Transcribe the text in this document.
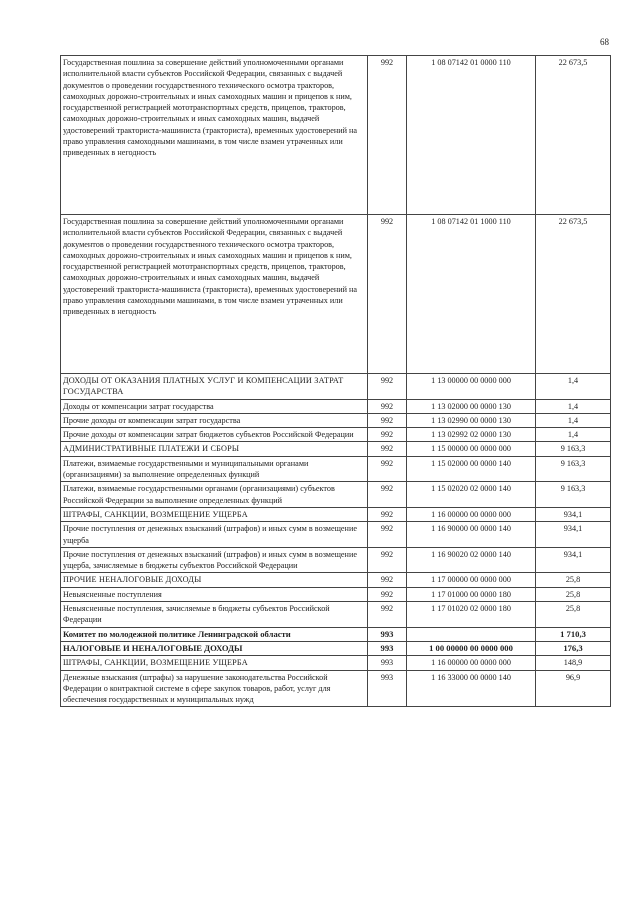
68
Государственная пошлина за совершение действий уполномоченными органами исполнительной власти субъектов Российской Федерации, связанных с выдачей документов о проведении государственного технического осмотра тракторов, самоходных дорожно-строительных и иных самоходных машин и прицепов к ним, государственной регистрацией мототранспортных средств, прицепов, тракторов, самоходных дорожно-строительных и иных самоходных машин, выдачей удостоверений тракториста-машиниста (тракториста), временных удостоверений на право управления самоходными машинами, в том числе взамен утраченных или приведенных в негодность	992	1 08 07142 01 0000 110	22 673,5
Государственная пошлина за совершение действий уполномоченными органами исполнительной власти субъектов Российской Федерации, связанных с выдачей документов о проведении государственного технического осмотра тракторов, самоходных дорожно-строительных и иных самоходных машин и прицепов к ним, государственной регистрацией мототранспортных средств, прицепов, тракторов, самоходных дорожно-строительных и иных самоходных машин, выдачей удостоверений тракториста-машиниста (тракториста), временных удостоверений на право управления самоходными машинами, в том числе взамен утраченных или приведенных в негодность	992	1 08 07142 01 1000 110	22 673,5
ДОХОДЫ ОТ ОКАЗАНИЯ ПЛАТНЫХ УСЛУГ И КОМПЕНСАЦИИ ЗАТРАТ ГОСУДАРСТВА	992	1 13 00000 00 0000 000	1,4
Доходы от компенсации затрат государства	992	1 13 02000 00 0000 130	1,4
Прочие доходы от компенсации затрат государства	992	1 13 02990 00 0000 130	1,4
Прочие доходы от компенсации затрат бюджетов субъектов Российской Федерации	992	1 13 02992 02 0000 130	1,4
АДМИНИСТРАТИВНЫЕ ПЛАТЕЖИ И СБОРЫ	992	1 15 00000 00 0000 000	9 163,3
Платежи, взимаемые государственными и муниципальными органами (организациями) за выполнение определенных функций	992	1 15 02000 00 0000 140	9 163,3
Платежи, взимаемые государственными органами (организациями) субъектов Российской Федерации за выполнение определенных функций	992	1 15 02020 02 0000 140	9 163,3
ШТРАФЫ, САНКЦИИ, ВОЗМЕЩЕНИЕ УЩЕРБА	992	1 16 00000 00 0000 000	934,1
Прочие поступления от денежных взысканий (штрафов) и иных сумм в возмещение ущерба	992	1 16 90000 00 0000 140	934,1
Прочие поступления от денежных взысканий (штрафов) и иных сумм в возмещение ущерба, зачисляемые в бюджеты субъектов Российской Федерации	992	1 16 90020 02 0000 140	934,1
ПРОЧИЕ НЕНАЛОГОВЫЕ ДОХОДЫ	992	1 17 00000 00 0000 000	25,8
Невыясненные поступления	992	1 17 01000 00 0000 180	25,8
Невыясненные поступления, зачисляемые в бюджеты субъектов Российской Федерации	992	1 17 01020 02 0000 180	25,8
Комитет по молодежной политике Ленинградской области	993		1 710,3
НАЛОГОВЫЕ И НЕНАЛОГОВЫЕ ДОХОДЫ	993	1 00 00000 00 0000 000	176,3
ШТРАФЫ, САНКЦИИ, ВОЗМЕЩЕНИЕ УЩЕРБА	993	1 16 00000 00 0000 000	148,9
Денежные взыскания (штрафы) за нарушение законодательства Российской Федерации о контрактной системе в сфере закупок товаров, работ, услуг для обеспечения государственных и муниципальных нужд	993	1 16 33000 00 0000 140	96,9
